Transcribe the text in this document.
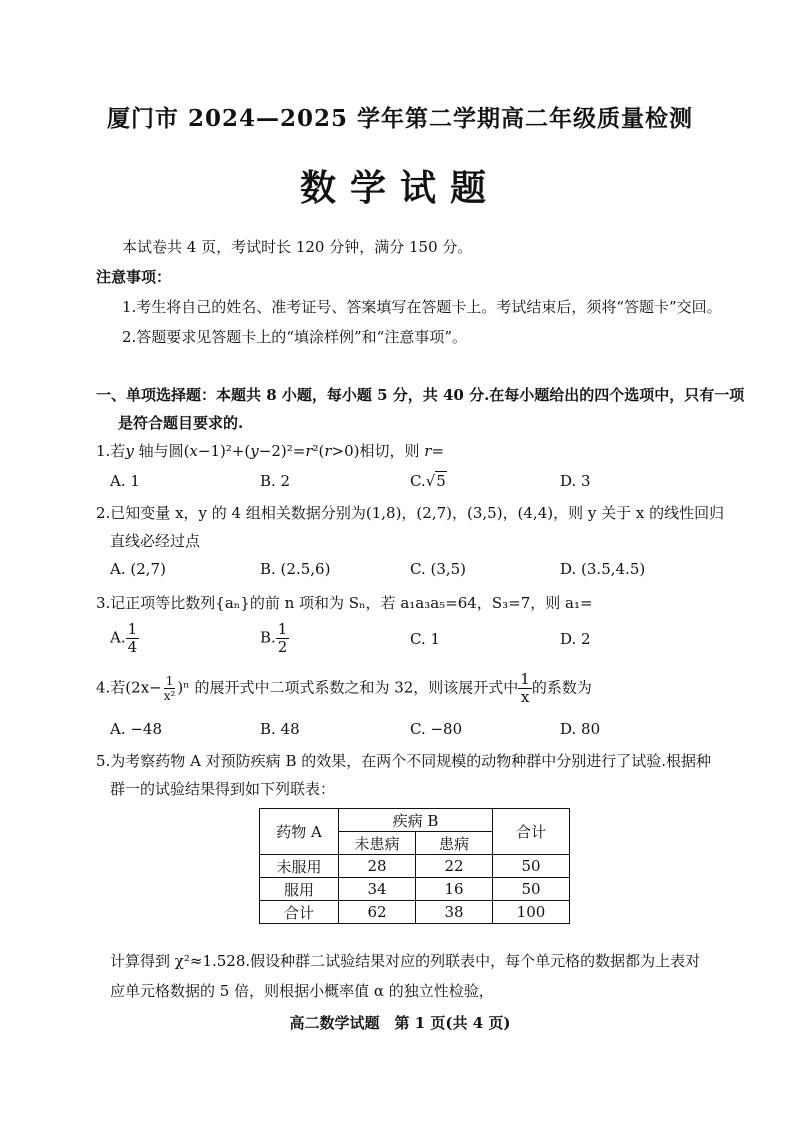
厦门市 2024—2025 学年第二学期高二年级质量检测
数学试题
本试卷共 4 页，考试时长 120 分钟，满分 150 分。
注意事项：
1.考生将自己的姓名、准考证号、答案填写在答题卡上。考试结束后，须将“答题卡”交回。
2.答题要求见答题卡上的“填涂样例”和“注意事项”。
一、单项选择题：本题共 8 小题，每小题 5 分，共 40 分.在每小题给出的四个选项中，只有一项
是符合题目要求的.
1.若y 轴与圆(x−1)²+(y−2)²=r²(r>0)相切，则 r=
A. 1	B. 2	C.√5	D. 3
2.已知变量 x，y 的 4 组相关数据分别为(1,8)，(2,7)，(3,5)，(4,4)，则 y 关于 x 的线性回归
直线必经过点
A. (2,7)	B. (2.5,6)	C. (3,5)	D. (3.5,4.5)
3.记正项等比数列{aₙ}的前 n 项和为 Sₙ，若 a₁a₃a₅=64，S₃=7，则 a₁=
A. $\frac{1}{4}$	B. $\frac{1}{2}$	C. 1	D. 2
4.若$(2x- \frac{1}{\text{x²}} )^n$ 的展开式中二项式系数之和为 32，则该展开式中 $\frac{1}{x}$ 的系数为
A. −48	B. 48	C. −80	D. 80
5.为考察药物 A 对预防疾病 B 的效果，在两个不同规模的动物种群中分别进行了试验.根据种
群一的试验结果得到如下列联表：
药物 A	疾病 B		合计
	未患病	患病	
未服用	28	22	50
服用	34	16	50
合计	62	38	100
计算得到 χ²≈1.528.假设种群二试验结果对应的列联表中，每个单元格的数据都为上表对
应单元格数据的 5 倍，则根据小概率值 α 的独立性检验，
高二数学试题　第 1 页(共 4 页)
